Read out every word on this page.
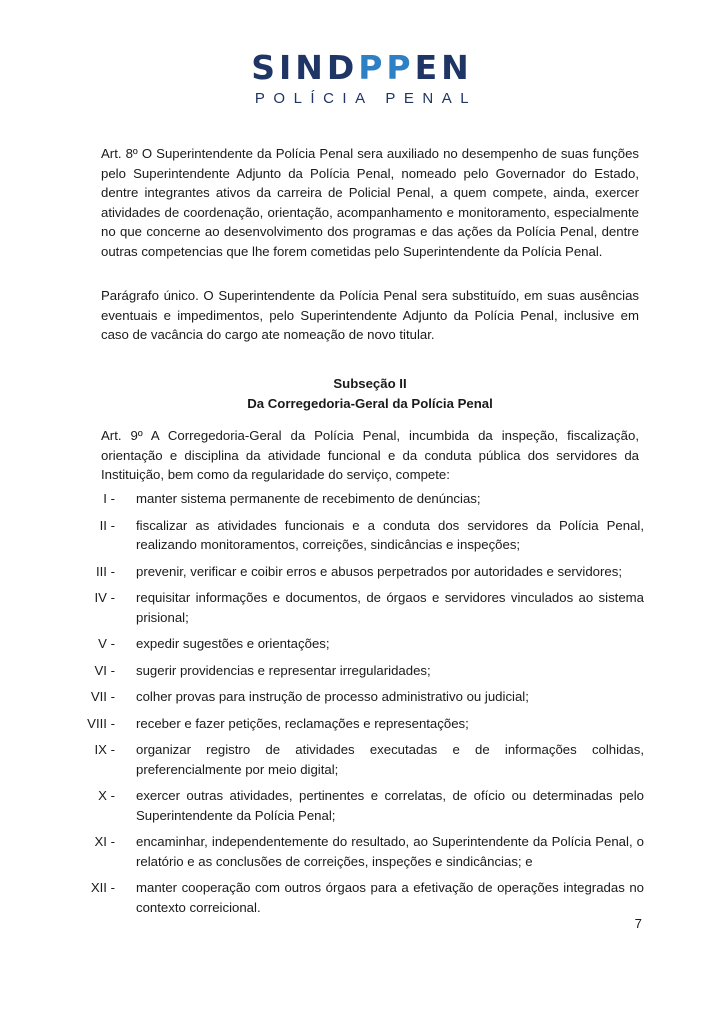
SINDPPEN
POLÍCIA PENAL

Art. 8º O Superintendente da Polícia Penal sera auxiliado no desempenho de suas funções pelo Superintendente Adjunto da Polícia Penal, nomeado pelo Governador do Estado, dentre integrantes ativos da carreira de Policial Penal, a quem compete, ainda, exercer atividades de coordenação, orientação, acompanhamento e monitoramento, especialmente no que concerne ao desenvolvimento dos programas e das ações da Polícia Penal, dentre outras competencias que lhe forem cometidas pelo Superintendente da Polícia Penal.

Parágrafo único. O Superintendente da Polícia Penal sera substituído, em suas ausências eventuais e impedimentos, pelo Superintendente Adjunto da Polícia Penal, inclusive em caso de vacância do cargo ate nomeação de novo titular.

Subseção II

Da Corregedoria-Geral da Polícia Penal

Art. 9º A Corregedoria-Geral da Polícia Penal, incumbida da inspeção, fiscalização, orientação e disciplina da atividade funcional e da conduta pública dos servidores da Instituição, bem como da regularidade do serviço, compete:

I -	manter sistema permanente de recebimento de denúncias;
II -	fiscalizar as atividades funcionais e a conduta dos servidores da Polícia Penal, realizando monitoramentos, correições, sindicâncias e inspeções;
III -	prevenir, verificar e coibir erros e abusos perpetrados por autoridades e servidores;
IV -	requisitar informações e documentos, de órgaos e servidores vinculados ao sistema prisional;
V -	expedir sugestões e orientações;
VI -	sugerir providencias e representar irregularidades;
VII -	colher provas para instrução de processo administrativo ou judicial;
VIII -	receber e fazer petições, reclamações e representações;
IX -	organizar registro de atividades executadas e de informações colhidas, preferencialmente por meio digital;
X -	exercer outras atividades, pertinentes e correlatas, de ofício ou determinadas pelo Superintendente da Polícia Penal;
XI -	encaminhar, independentemente do resultado, ao Superintendente da Polícia Penal, o relatório e as conclusões de correições, inspeções e sindicâncias; e
XII -	manter cooperação com outros órgaos para a efetivação de operações integradas no contexto correicional.
7
